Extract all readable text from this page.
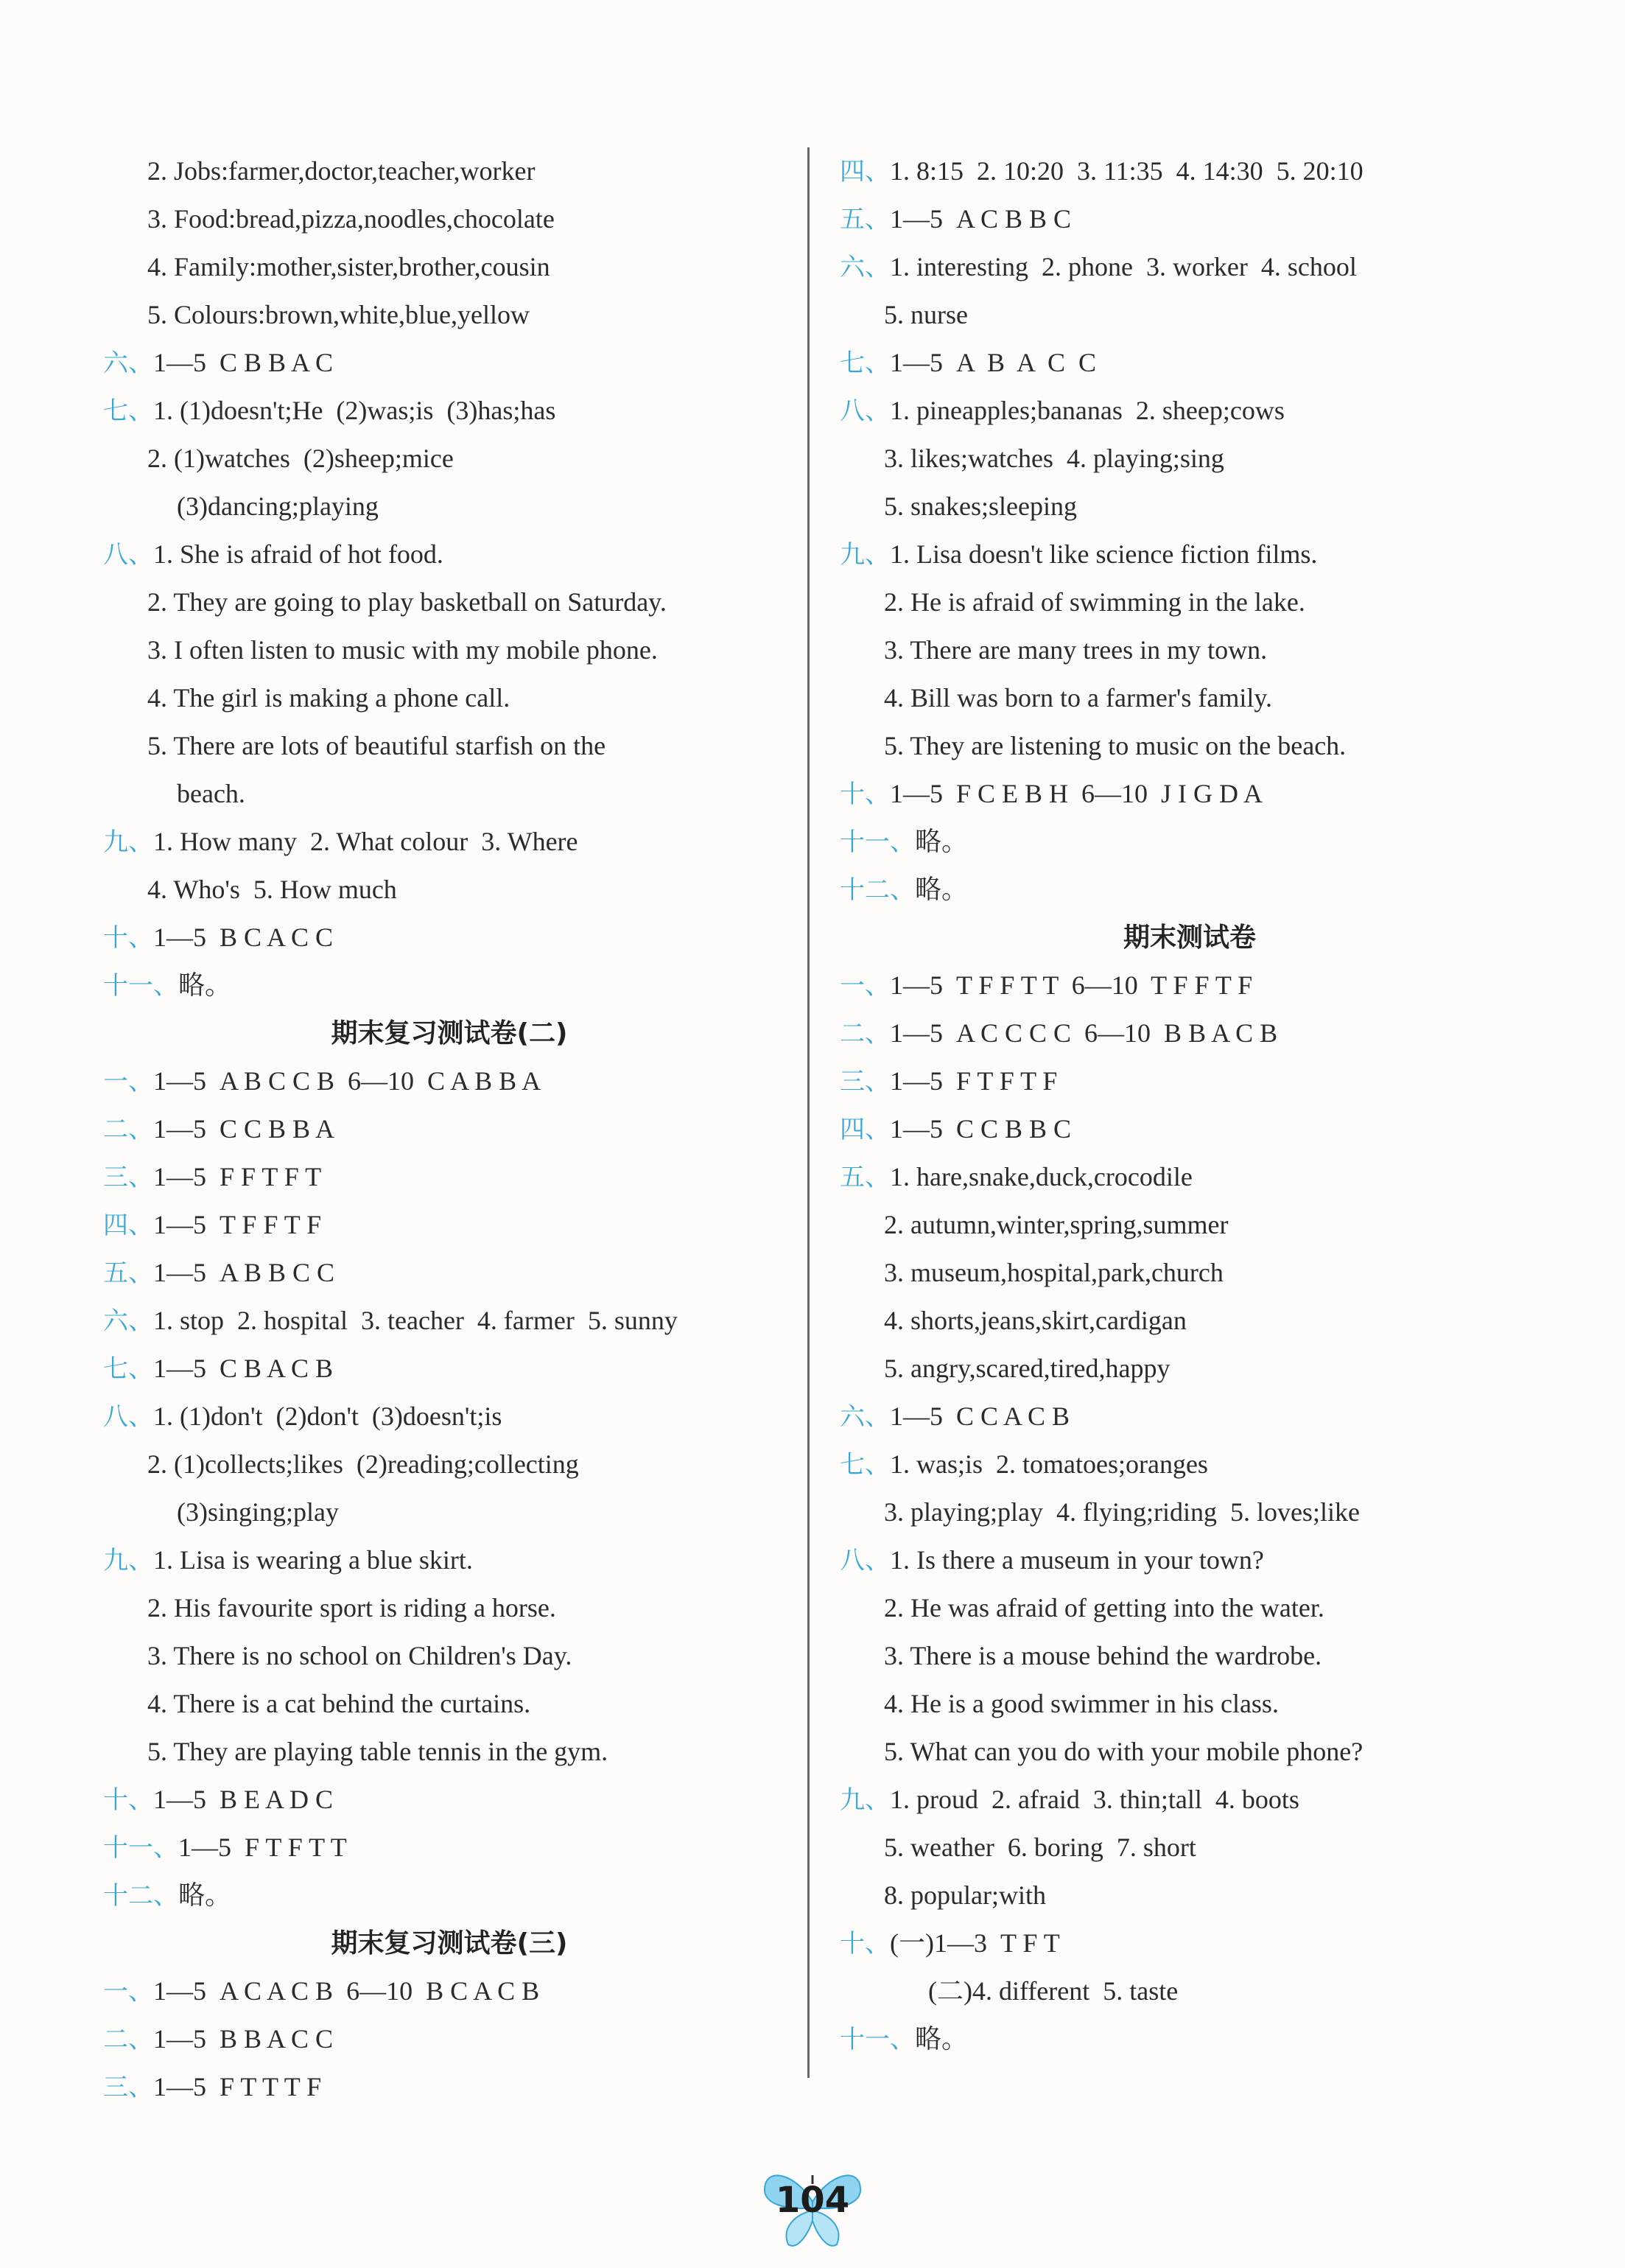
2. Jobs:farmer,doctor,teacher,worker
3. Food:bread,pizza,noodles,chocolate
4. Family:mother,sister,brother,cousin
5. Colours:brown,white,blue,yellow
六、1—5  C B B A C
七、1. (1)doesn't;He  (2)was;is  (3)has;has
2. (1)watches  (2)sheep;mice
(3)dancing;playing
八、1. She is afraid of hot food.
2. They are going to play basketball on Saturday.
3. I often listen to music with my mobile phone.
4. The girl is making a phone call.
5. There are lots of beautiful starfish on the
beach.
九、1. How many  2. What colour  3. Where
4. Who's  5. How much
十、1—5  B C A C C
十一、略。
期末复习测试卷(二)
一、1—5  A B C C B  6—10  C A B B A
二、1—5  C C B B A
三、1—5  F F T F T
四、1—5  T F F T F
五、1—5  A B B C C
六、1. stop  2. hospital  3. teacher  4. farmer  5. sunny
七、1—5  C B A C B
八、1. (1)don't  (2)don't  (3)doesn't;is
2. (1)collects;likes  (2)reading;collecting
(3)singing;play
九、1. Lisa is wearing a blue skirt.
2. His favourite sport is riding a horse.
3. There is no school on Children's Day.
4. There is a cat behind the curtains.
5. They are playing table tennis in the gym.
十、1—5  B E A D C
十一、1—5  F T F T T
十二、略。
期末复习测试卷(三)
一、1—5  A C A C B  6—10  B C A C B
二、1—5  B B A C C
三、1—5  F T T T F
四、1. 8:15  2. 10:20  3. 11:35  4. 14:30  5. 20:10
五、1—5  A C B B C
六、1. interesting  2. phone  3. worker  4. school
5. nurse
七、1—5  A  B  A  C  C
八、1. pineapples;bananas  2. sheep;cows
3. likes;watches  4. playing;sing
5. snakes;sleeping
九、1. Lisa doesn't like science fiction films.
2. He is afraid of swimming in the lake.
3. There are many trees in my town.
4. Bill was born to a farmer's family.
5. They are listening to music on the beach.
十、1—5  F C E B H  6—10  J I G D A
十一、略。
十二、略。
期末测试卷
一、1—5  T F F T T  6—10  T F F T F
二、1—5  A C C C C  6—10  B B A C B
三、1—5  F T F T F
四、1—5  C C B B C
五、1. hare,snake,duck,crocodile
2. autumn,winter,spring,summer
3. museum,hospital,park,church
4. shorts,jeans,skirt,cardigan
5. angry,scared,tired,happy
六、1—5  C C A C B
七、1. was;is  2. tomatoes;oranges
3. playing;play  4. flying;riding  5. loves;like
八、1. Is there a museum in your town?
2. He was afraid of getting into the water.
3. There is a mouse behind the wardrobe.
4. He is a good swimmer in his class.
5. What can you do with your mobile phone?
九、1. proud  2. afraid  3. thin;tall  4. boots
5. weather  6. boring  7. short
8. popular;with
十、(一)1—3  T F T
(二)4. different  5. taste
十一、略。
104
